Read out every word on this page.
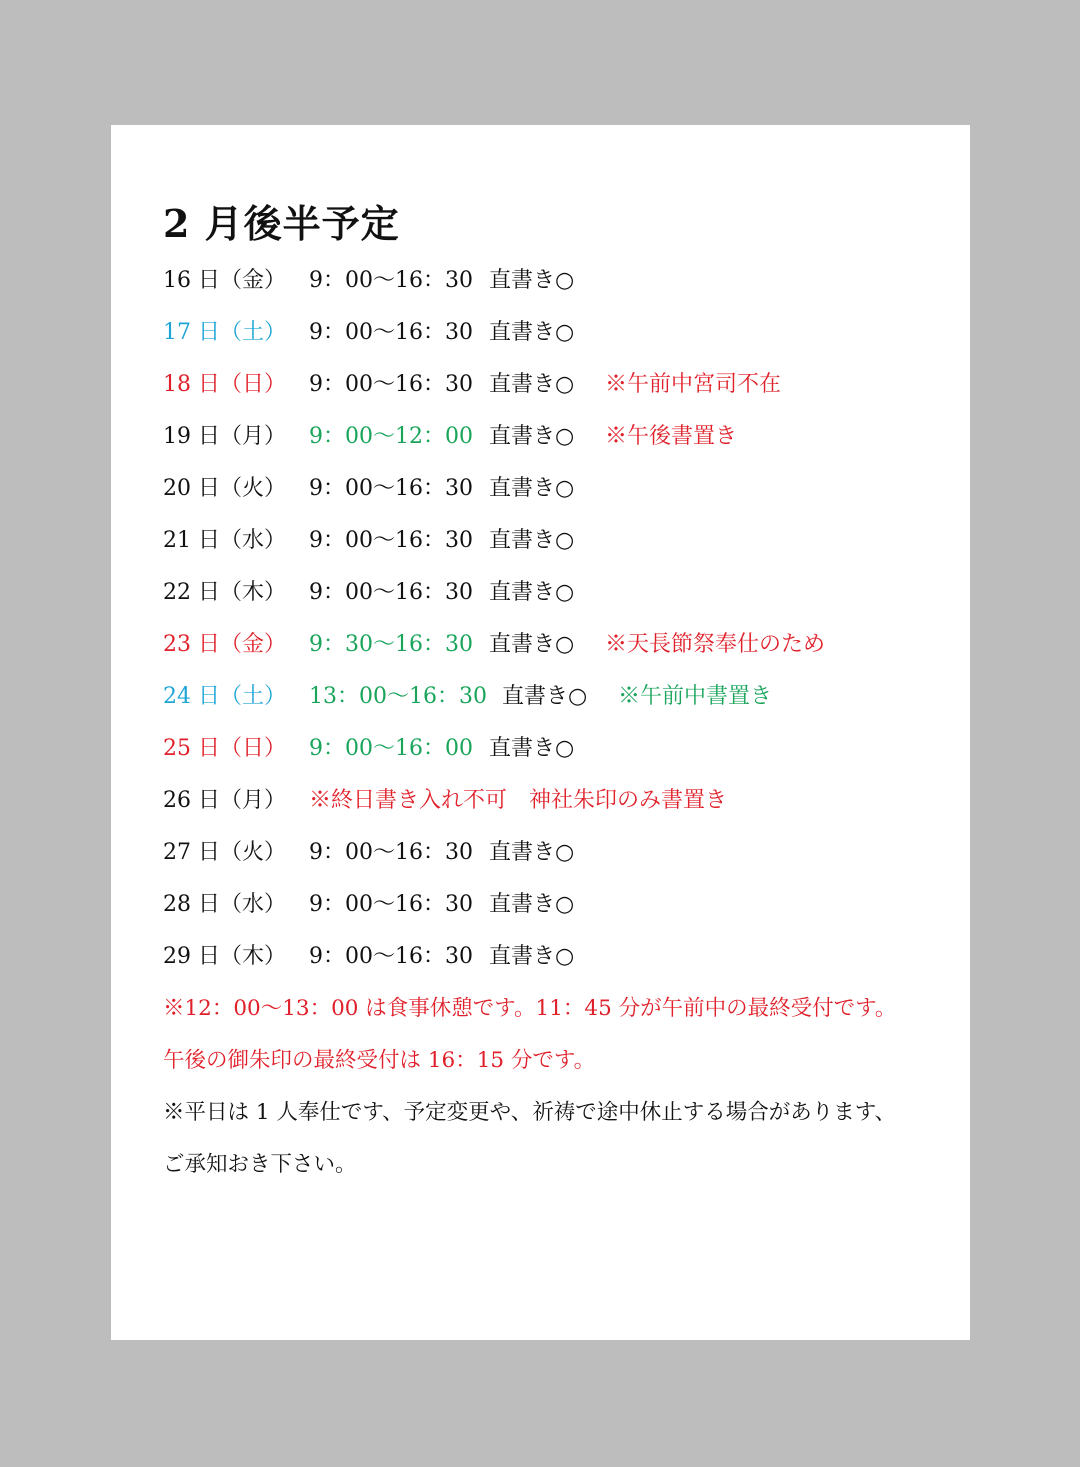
2 月後半予定
16 日（金） 9：00～16：30 直書き○
17 日（土） 9：00～16：30 直書き○
18 日（日） 9：00～16：30 直書き○ ※午前中宮司不在
19 日（月） 9：00～12：00 直書き○ ※午後書置き
20 日（火） 9：00～16：30 直書き○
21 日（水） 9：00～16：30 直書き○
22 日（木） 9：00～16：30 直書き○
23 日（金） 9：30～16：30 直書き○ ※天長節祭奉仕のため
24 日（土） 13：00～16：30 直書き○ ※午前中書置き
25 日（日） 9：00～16：00 直書き○
26 日（月） ※終日書き入れ不可　神社朱印のみ書置き
27 日（火） 9：00～16：30 直書き○
28 日（水） 9：00～16：30 直書き○
29 日（木） 9：00～16：30 直書き○
※12：00～13：00 は食事休憩です。11：45 分が午前中の最終受付です。
午後の御朱印の最終受付は 16：15 分です。
※平日は 1 人奉仕です、予定変更や、祈祷で途中休止する場合があります、
ご承知おき下さい。
